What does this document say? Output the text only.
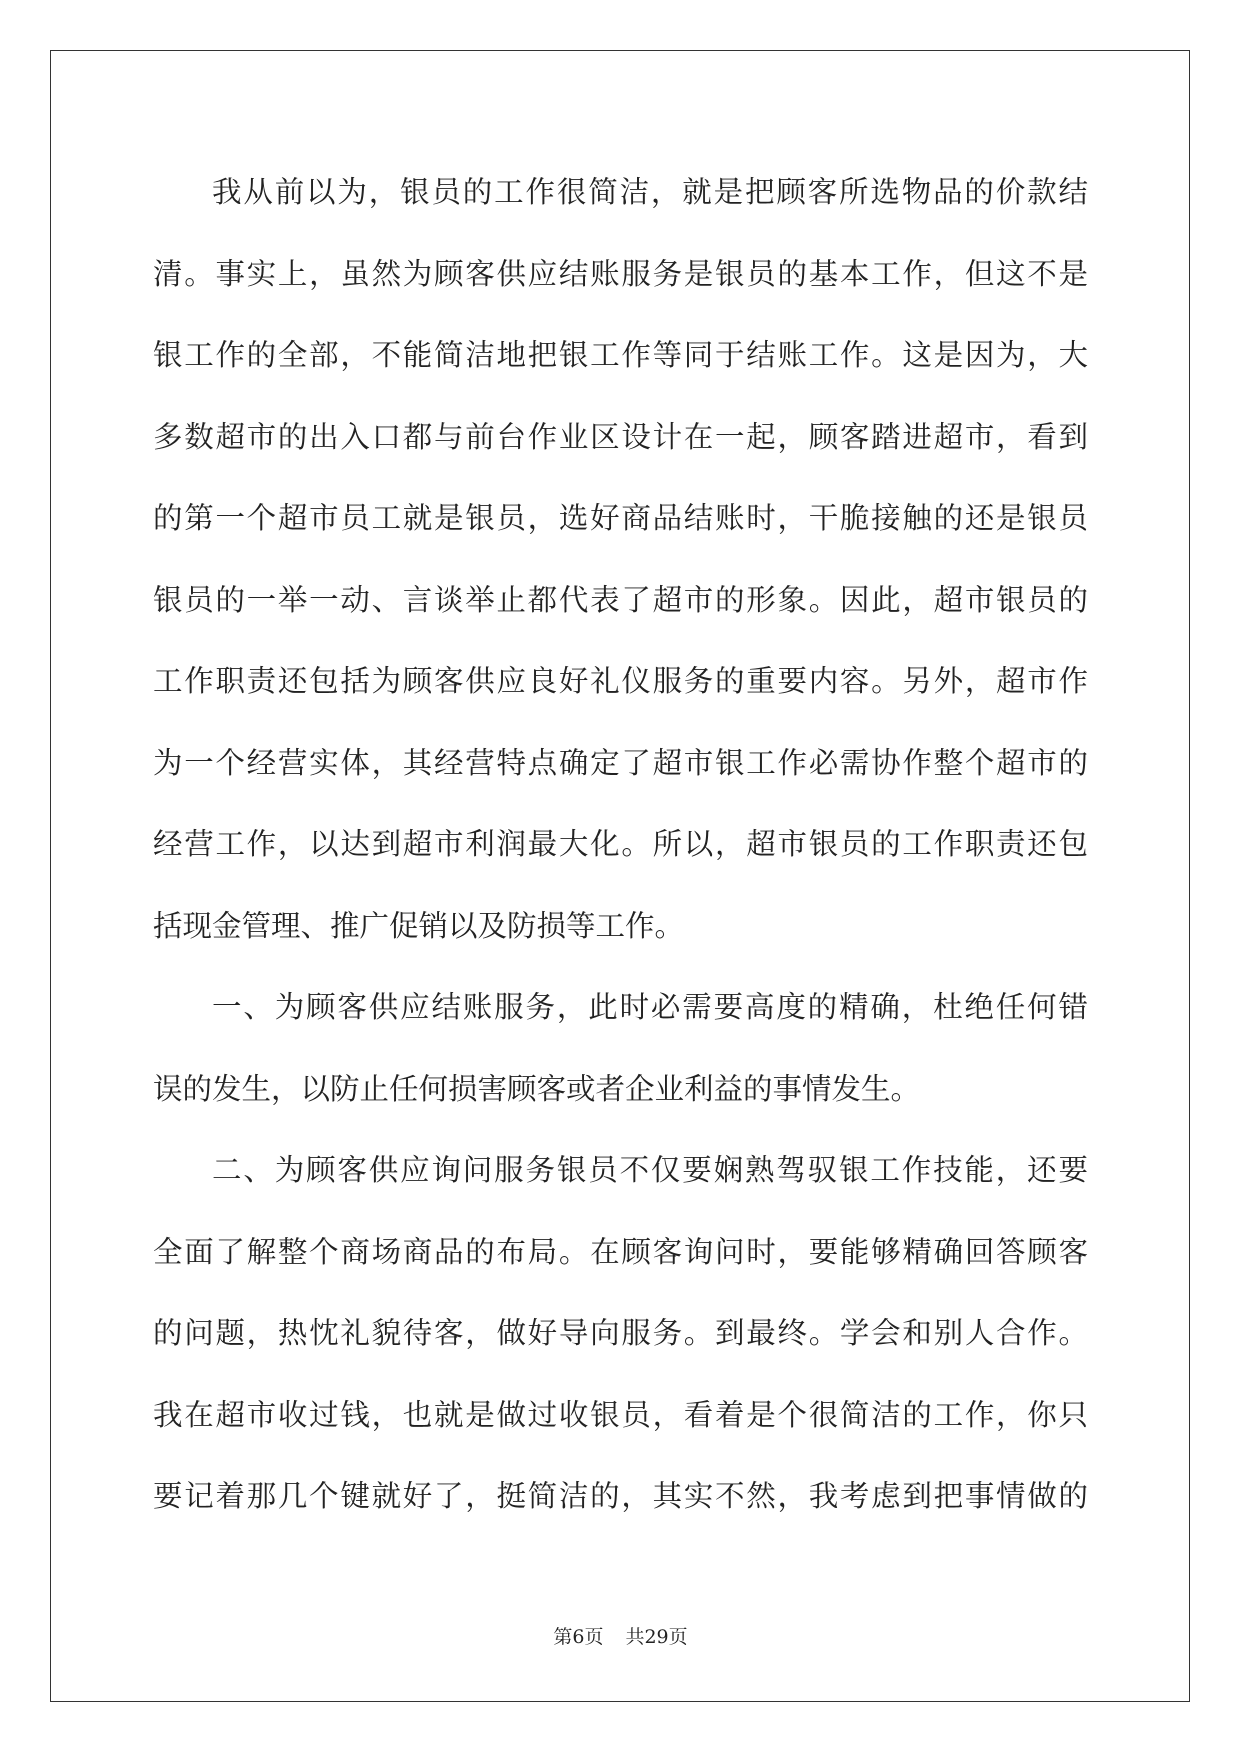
我从前以为，银员的工作很简洁，就是把顾客所选物品的价款结
清。事实上，虽然为顾客供应结账服务是银员的基本工作，但这不是
银工作的全部，不能简洁地把银工作等同于结账工作。这是因为，大
多数超市的出入口都与前台作业区设计在一起，顾客踏进超市，看到
的第一个超市员工就是银员，选好商品结账时，干脆接触的还是银员
银员的一举一动、言谈举止都代表了超市的形象。因此，超市银员的
工作职责还包括为顾客供应良好礼仪服务的重要内容。另外，超市作
为一个经营实体，其经营特点确定了超市银工作必需协作整个超市的
经营工作，以达到超市利润最大化。所以，超市银员的工作职责还包
括现金管理、推广促销以及防损等工作。
一、为顾客供应结账服务，此时必需要高度的精确，杜绝任何错
误的发生，以防止任何损害顾客或者企业利益的事情发生。
二、为顾客供应询问服务银员不仅要娴熟驾驭银工作技能，还要
全面了解整个商场商品的布局。在顾客询问时，要能够精确回答顾客
的问题，热忱礼貌待客，做好导向服务。到最终。学会和别人合作。
我在超市收过钱，也就是做过收银员，看着是个很简洁的工作，你只
要记着那几个键就好了，挺简洁的，其实不然，我考虑到把事情做的
第6页 共29页
